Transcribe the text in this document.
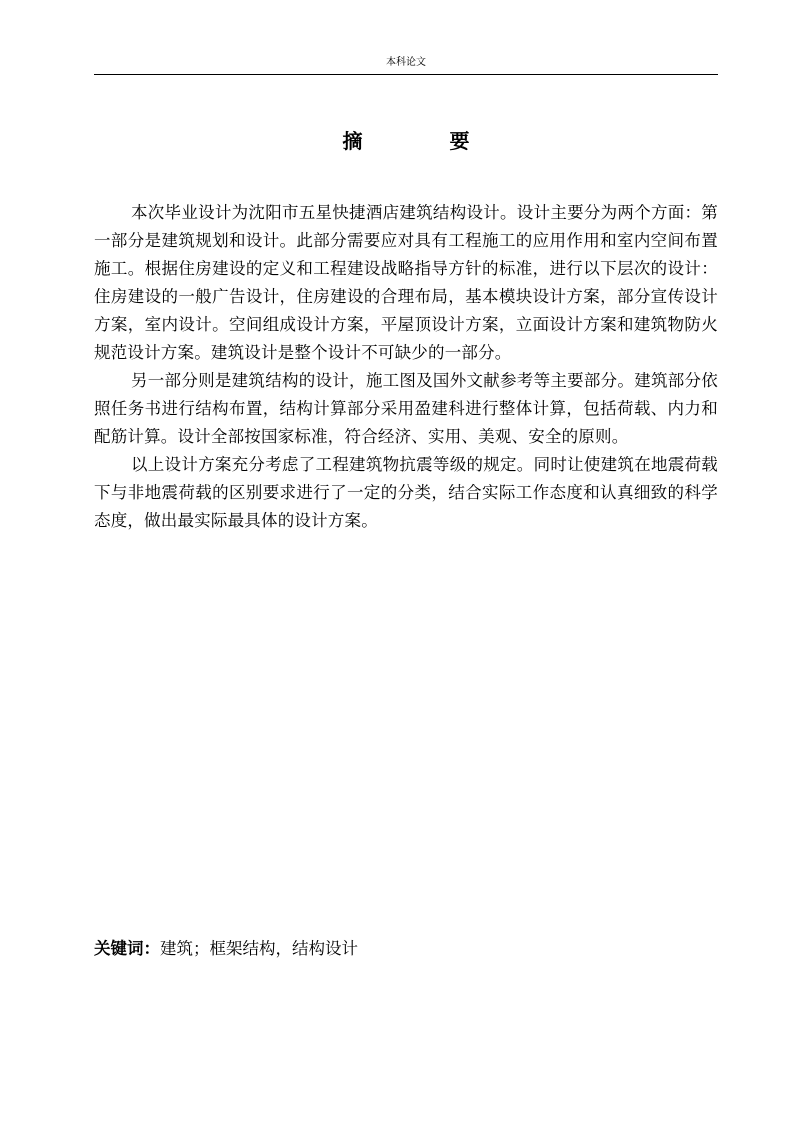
本科论文
摘 要

本次毕业设计为沈阳市五星快捷酒店建筑结构设计。设计主要分为两个方面：第一部分是建筑规划和设计。此部分需要应对具有工程施工的应用作用和室内空间布置施工。根据住房建设的定义和工程建设战略指导方针的标准，进行以下层次的设计：住房建设的一般广告设计，住房建设的合理布局，基本模块设计方案，部分宣传设计方案，室内设计。空间组成设计方案，平屋顶设计方案，立面设计方案和建筑物防火规范设计方案。建筑设计是整个设计不可缺少的一部分。

另一部分则是建筑结构的设计，施工图及国外文献参考等主要部分。建筑部分依照任务书进行结构布置，结构计算部分采用盈建科进行整体计算，包括荷载、内力和配筋计算。设计全部按国家标准，符合经济、实用、美观、安全的原则。

以上设计方案充分考虑了工程建筑物抗震等级的规定。同时让使建筑在地震荷载下与非地震荷载的区别要求进行了一定的分类，结合实际工作态度和认真细致的科学态度，做出最实际最具体的设计方案。

关键词：建筑；框架结构，结构设计
